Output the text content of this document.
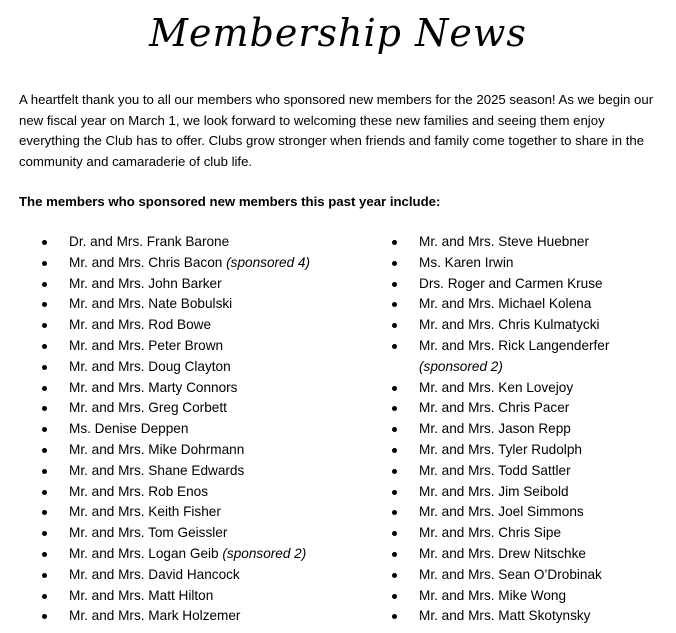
Membership News

A heartfelt thank you to all our members who sponsored new members for the 2025 season! As we begin our new fiscal year on March 1, we look forward to welcoming these new families and seeing them enjoy everything the Club has to offer. Clubs grow stronger when friends and family come together to share in the community and camaraderie of club life.

The members who sponsored new members this past year include:
Dr. and Mrs. Frank Barone
Mr. and Mrs. Chris Bacon (sponsored 4)
Mr. and Mrs. John Barker
Mr. and Mrs. Nate Bobulski
Mr. and Mrs. Rod Bowe
Mr. and Mrs. Peter Brown
Mr. and Mrs. Doug Clayton
Mr. and Mrs. Marty Connors
Mr. and Mrs. Greg Corbett
Ms. Denise Deppen
Mr. and Mrs. Mike Dohrmann
Mr. and Mrs. Shane Edwards
Mr. and Mrs. Rob Enos
Mr. and Mrs. Keith Fisher
Mr. and Mrs. Tom Geissler
Mr. and Mrs. Logan Geib (sponsored 2)
Mr. and Mrs. David Hancock
Mr. and Mrs. Matt Hilton
Mr. and Mrs. Mark Holzemer
Mr. and Mrs. Steve Huebner
Ms. Karen Irwin
Drs. Roger and Carmen Kruse
Mr. and Mrs. Michael Kolena
Mr. and Mrs. Chris Kulmatycki
Mr. and Mrs. Rick Langenderfer
(sponsored 2)
Mr. and Mrs. Ken Lovejoy
Mr. and Mrs. Chris Pacer
Mr. and Mrs. Jason Repp
Mr. and Mrs. Tyler Rudolph
Mr. and Mrs. Todd Sattler
Mr. and Mrs. Jim Seibold
Mr. and Mrs. Joel Simmons
Mr. and Mrs. Chris Sipe
Mr. and Mrs. Drew Nitschke
Mr. and Mrs. Sean O’Drobinak
Mr. and Mrs. Mike Wong
Mr. and Mrs. Matt Skotynsky
